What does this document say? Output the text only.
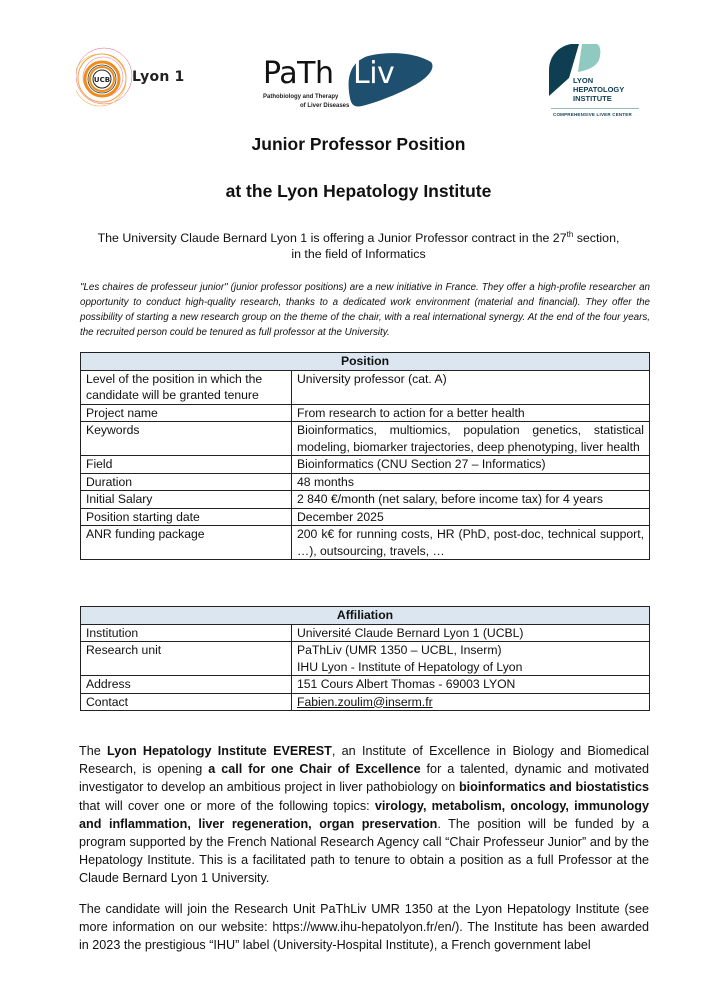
UCB Lyon 1	PaTh Liv
Pathobiology and Therapy
of Liver Diseases
LYON
HEPATOLOGY
INSTITUTE
COMPREHENSIVE LIVER CENTER
Junior Professor Position
at the Lyon Hepatology Institute
The University Claude Bernard Lyon 1 is offering a Junior Professor contract in the 27th section,
in the field of Informatics
"Les chaires de professeur junior" (junior professor positions) are a new initiative in France. They offer a high-profile researcher an opportunity to conduct high-quality research, thanks to a dedicated work environment (material and financial). They offer the possibility of starting a new research group on the theme of the chair, with a real international synergy. At the end of the four years, the recruited person could be tenured as full professor at the University.
Position	
Level of the position in which the candidate will be granted tenure	University professor (cat. A)
Project name	From research to action for a better health
Keywords	Bioinformatics, multiomics, population genetics, statistical modeling, biomarker trajectories, deep phenotyping, liver health
Field	Bioinformatics (CNU Section 27 – Informatics)
Duration	48 months
Initial Salary	2 840 €/month (net salary, before income tax) for 4 years
Position starting date	December 2025
ANR funding package	200 k€ for running costs, HR (PhD, post-doc, technical support, …), outsourcing, travels, …
Affiliation	
Institution	Université Claude Bernard Lyon 1 (UCBL)
Research unit	PaThLiv (UMR 1350 – UCBL, Inserm)
IHU Lyon - Institute of Hepatology of Lyon

Address	151 Cours Albert Thomas - 69003 LYON
Contact	Fabien.zoulim@inserm.fr
The Lyon Hepatology Institute EVEREST, an Institute of Excellence in Biology and Biomedical Research, is opening a call for one Chair of Excellence for a talented, dynamic and motivated investigator to develop an ambitious project in liver pathobiology on bioinformatics and biostatistics that will cover one or more of the following topics: virology, metabolism, oncology, immunology and inflammation, liver regeneration, organ preservation. The position will be funded by a program supported by the French National Research Agency call “Chair Professeur Junior” and by the Hepatology Institute. This is a facilitated path to tenure to obtain a position as a full Professor at the Claude Bernard Lyon 1 University.
The candidate will join the Research Unit PaThLiv UMR 1350 at the Lyon Hepatology Institute (see more information on our website: https://www.ihu-hepatolyon.fr/en/). The Institute has been awarded in 2023 the prestigious “IHU” label (University-Hospital Institute), a French government label
